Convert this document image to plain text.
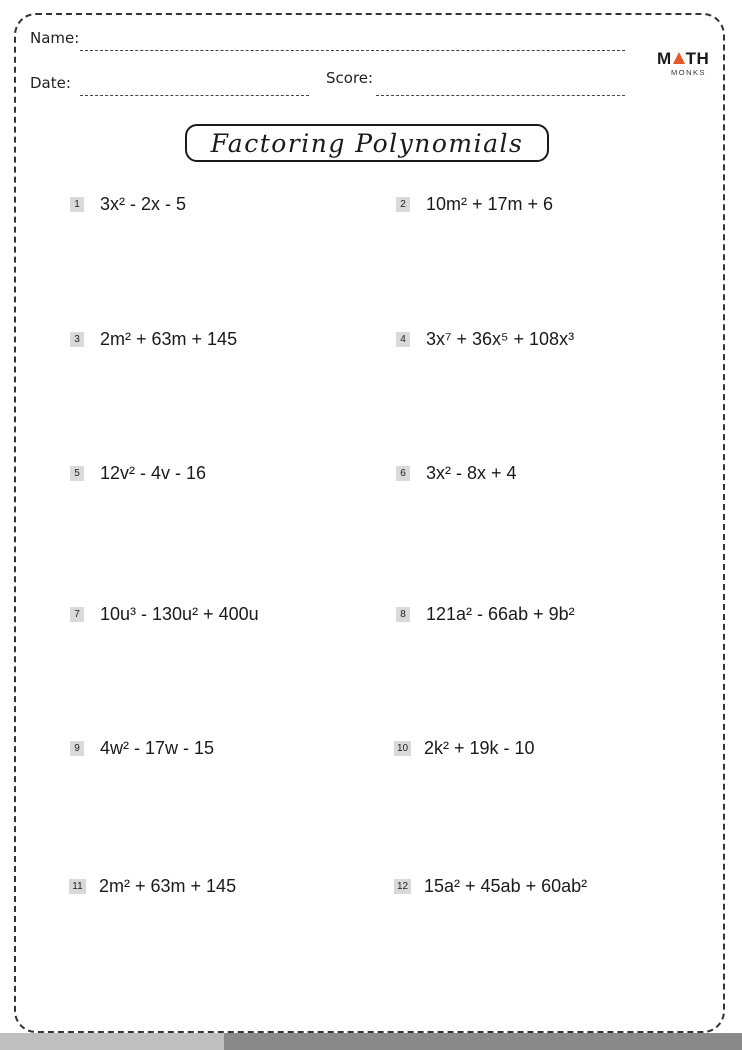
Name:
Date:	Score:
M TH
MONKS
Factoring Polynomials
1 3x² - 2x - 5	2 10m² + 17m + 6
3 2m² + 63m + 145	4 3x⁷ + 36x⁵ + 108x³
5 12v² - 4v - 16	6 3x² - 8x + 4
7 10u³ - 130u² + 400u	8 121a² - 66ab + 9b²
9 4w² - 17w - 15	10 2k² + 19k - 10
11 2m² + 63m + 145	12 15a² + 45ab + 60ab²
